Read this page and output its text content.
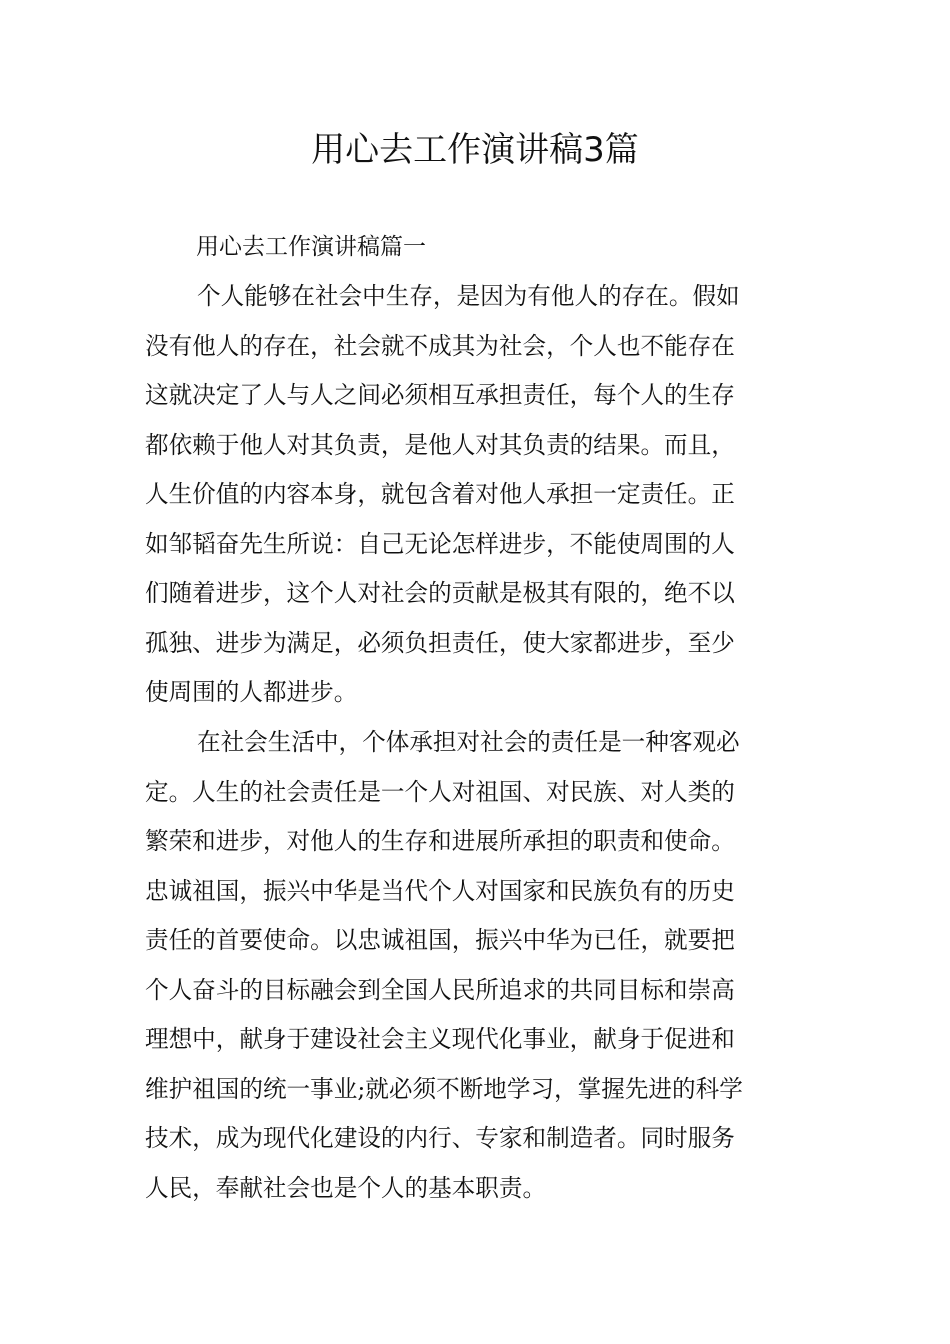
用心去工作演讲稿3篇

用心去工作演讲稿篇一

个人能够在社会中生存，是因为有他人的存在。假如
没有他人的存在，社会就不成其为社会，个人也不能存在
这就决定了人与人之间必须相互承担责任，每个人的生存
都依赖于他人对其负责，是他人对其负责的结果。而且，
人生价值的内容本身，就包含着对他人承担一定责任。正
如邹韬奋先生所说：自己无论怎样进步，不能使周围的人
们随着进步，这个人对社会的贡献是极其有限的，绝不以
孤独、进步为满足，必须负担责任，使大家都进步，至少
使周围的人都进步。

在社会生活中，个体承担对社会的责任是一种客观必
定。人生的社会责任是一个人对祖国、对民族、对人类的
繁荣和进步，对他人的生存和进展所承担的职责和使命。
忠诚祖国，振兴中华是当代个人对国家和民族负有的历史
责任的首要使命。以忠诚祖国，振兴中华为已任，就要把
个人奋斗的目标融会到全国人民所追求的共同目标和崇高
理想中，献身于建设社会主义现代化事业，献身于促进和
维护祖国的统一事业;就必须不断地学习，掌握先进的科学
技术，成为现代化建设的内行、专家和制造者。同时服务
人民，奉献社会也是个人的基本职责。
